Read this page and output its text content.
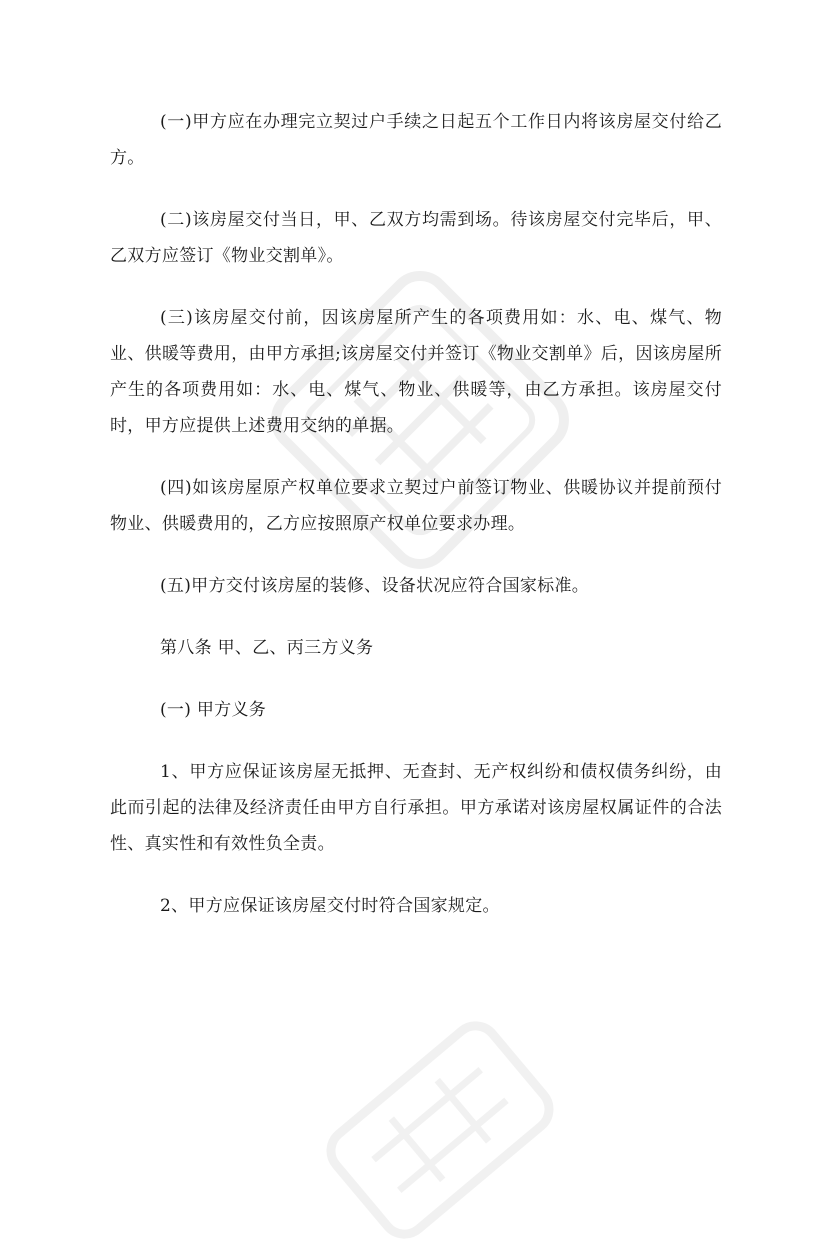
(一)甲方应在办理完立契过户手续之日起五个工作日内将该房屋交付给乙方。

(二)该房屋交付当日，甲、乙双方均需到场。待该房屋交付完毕后，甲、乙双方应签订《物业交割单》。

(三)该房屋交付前，因该房屋所产生的各项费用如：水、电、煤气、物业、供暖等费用，由甲方承担;该房屋交付并签订《物业交割单》后，因该房屋所产生的各项费用如：水、电、煤气、物业、供暖等，由乙方承担。该房屋交付时，甲方应提供上述费用交纳的单据。

(四)如该房屋原产权单位要求立契过户前签订物业、供暖协议并提前预付物业、供暖费用的，乙方应按照原产权单位要求办理。

(五)甲方交付该房屋的装修、设备状况应符合国家标准。

第八条 甲、乙、丙三方义务

(一) 甲方义务

1、甲方应保证该房屋无抵押、无查封、无产权纠纷和债权债务纠纷，由此而引起的法律及经济责任由甲方自行承担。甲方承诺对该房屋权属证件的合法性、真实性和有效性负全责。

2、甲方应保证该房屋交付时符合国家规定。
